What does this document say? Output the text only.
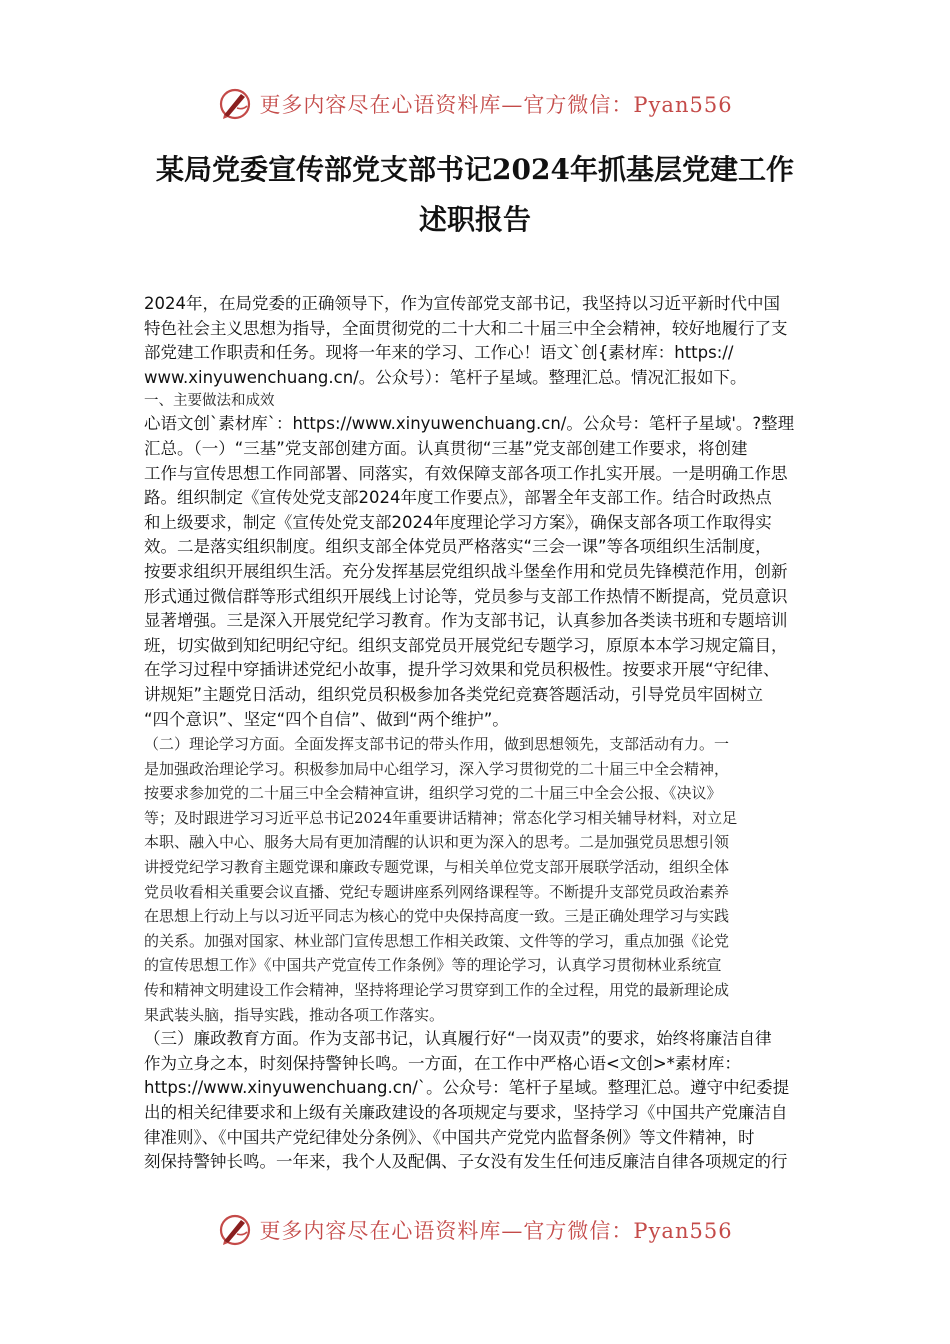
更多内容尽在心语资料库—官方微信：Pyan556
某局党委宣传部党支部书记2024年抓基层党建工作
述职报告
2024年，在局党委的正确领导下，作为宣传部党支部书记，我坚持以习近平新时代中国
特色社会主义思想为指导，全面贯彻党的二十大和二十届三中全会精神，较好地履行了支
部党建工作职责和任务。现将一年来的学习、工作心！语文`创{素材库：https://
www.xinyuwenchuang.cn/。公众号）：笔杆子星域。整理汇总。情况汇报如下。
一、主要做法和成效
心语文创`素材库`：https://www.xinyuwenchuang.cn/。公众号：笔杆子星域'。?整理
汇总。（一）“三基”党支部创建方面。认真贯彻“三基”党支部创建工作要求，将创建
工作与宣传思想工作同部署、同落实，有效保障支部各项工作扎实开展。一是明确工作思
路。组织制定《宣传处党支部2024年度工作要点》，部署全年支部工作。结合时政热点
和上级要求，制定《宣传处党支部2024年度理论学习方案》，确保支部各项工作取得实
效。二是落实组织制度。组织支部全体党员严格落实“三会一课”等各项组织生活制度，
按要求组织开展组织生活。充分发挥基层党组织战斗堡垒作用和党员先锋模范作用，创新
形式通过微信群等形式组织开展线上讨论等，党员参与支部工作热情不断提高，党员意识
显著增强。三是深入开展党纪学习教育。作为支部书记，认真参加各类读书班和专题培训
班，切实做到知纪明纪守纪。组织支部党员开展党纪专题学习，原原本本学习规定篇目，
在学习过程中穿插讲述党纪小故事，提升学习效果和党员积极性。按要求开展“守纪律、
讲规矩”主题党日活动，组织党员积极参加各类党纪竞赛答题活动，引导党员牢固树立
“四个意识”、坚定“四个自信”、做到“两个维护”。
（二）理论学习方面。全面发挥支部书记的带头作用，做到思想领先，支部活动有力。一
是加强政治理论学习。积极参加局中心组学习，深入学习贯彻党的二十届三中全会精神，
按要求参加党的二十届三中全会精神宣讲，组织学习党的二十届三中全会公报、《决议》
等；及时跟进学习习近平总书记2024年重要讲话精神；常态化学习相关辅导材料，对立足
本职、融入中心、服务大局有更加清醒的认识和更为深入的思考。二是加强党员思想引领
讲授党纪学习教育主题党课和廉政专题党课，与相关单位党支部开展联学活动，组织全体
党员收看相关重要会议直播、党纪专题讲座系列网络课程等。不断提升支部党员政治素养
在思想上行动上与以习近平同志为核心的党中央保持高度一致。三是正确处理学习与实践
的关系。加强对国家、林业部门宣传思想工作相关政策、文件等的学习，重点加强《论党
的宣传思想工作》《中国共产党宣传工作条例》等的理论学习，认真学习贯彻林业系统宣
传和精神文明建设工作会精神，坚持将理论学习贯穿到工作的全过程，用党的最新理论成
果武装头脑，指导实践，推动各项工作落实。
（三）廉政教育方面。作为支部书记，认真履行好“一岗双责”的要求，始终将廉洁自律
作为立身之本，时刻保持警钟长鸣。一方面，在工作中严格心语<文创>*素材库：
https://www.xinyuwenchuang.cn/`。公众号：笔杆子星域。整理汇总。遵守中纪委提
出的相关纪律要求和上级有关廉政建设的各项规定与要求，坚持学习《中国共产党廉洁自
律准则》、《中国共产党纪律处分条例》、《中国共产党党内监督条例》等文件精神，时
刻保持警钟长鸣。一年来，我个人及配偶、子女没有发生任何违反廉洁自律各项规定的行
更多内容尽在心语资料库—官方微信：Pyan556
